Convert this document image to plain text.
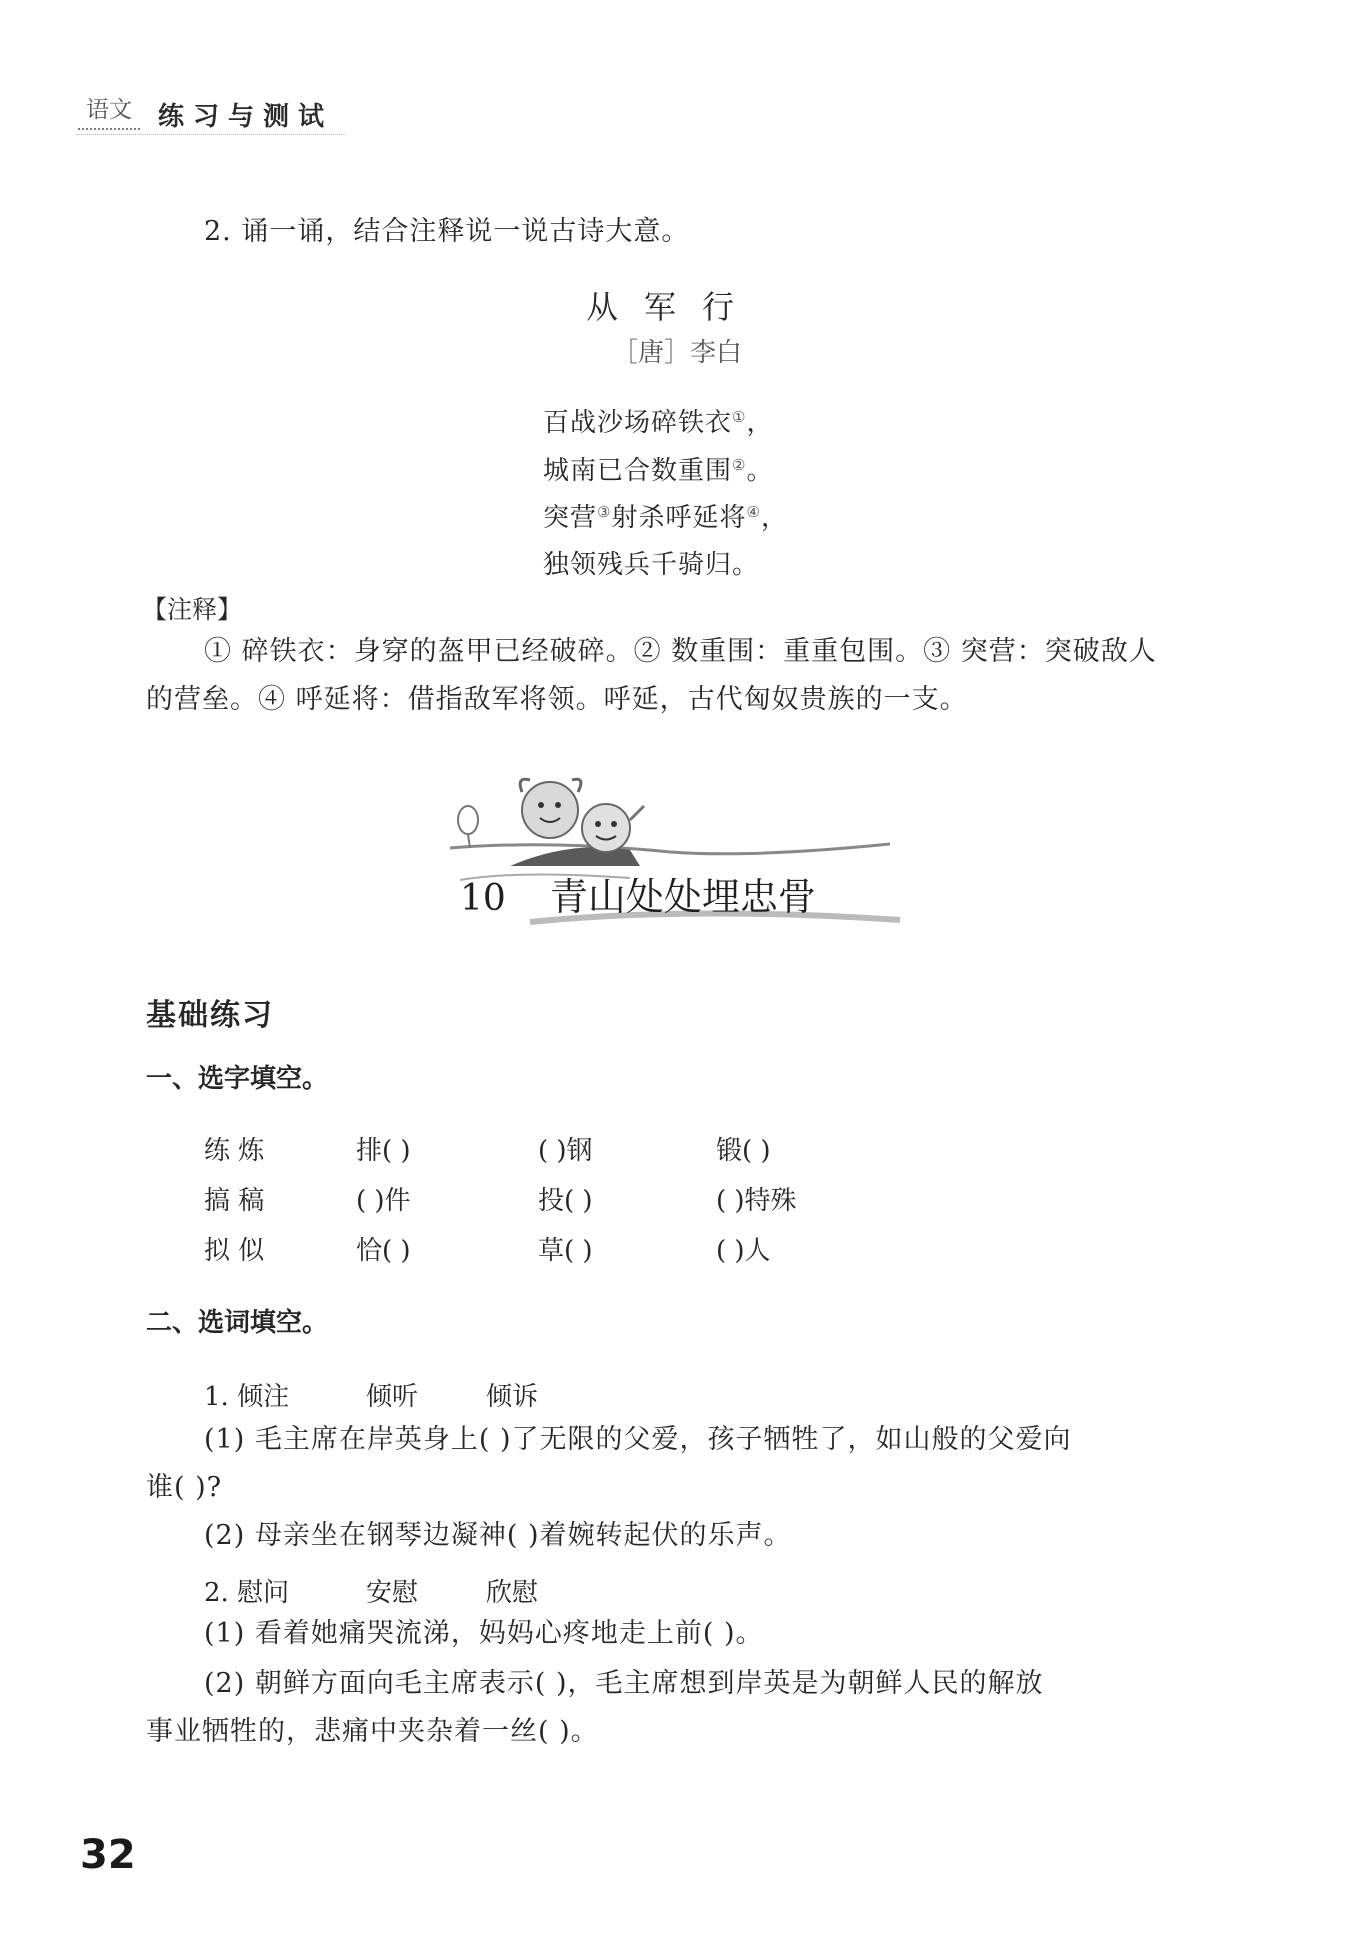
语文	练习与测试
2. 诵一诵，结合注释说一说古诗大意。
从军行
［唐］李白
百战沙场碎铁衣①，
城南已合数重围②。
突营③射杀呼延将④，
独领残兵千骑归。
【注释】
① 碎铁衣：身穿的盔甲已经破碎。② 数重围：重重包围。③ 突营：突破敌人
的营垒。④ 呼延将：借指敌军将领。呼延，古代匈奴贵族的一支。
10 青山处处埋忠骨
基础练习
一、选字填空。
练 炼	排( )	( )钢	锻( )
搞 稿	( )件	投( )	( )特殊
拟 似	恰( )	草( )	( )人
二、选词填空。
1. 倾注	倾听	倾诉
(1) 毛主席在岸英身上( )了无限的父爱，孩子牺牲了，如山般的父爱向
谁( )?
(2) 母亲坐在钢琴边凝神( )着婉转起伏的乐声。
2. 慰问	安慰	欣慰
(1) 看着她痛哭流涕，妈妈心疼地走上前( )。
(2) 朝鲜方面向毛主席表示( )，毛主席想到岸英是为朝鲜人民的解放
事业牺牲的，悲痛中夹杂着一丝( )。
32
